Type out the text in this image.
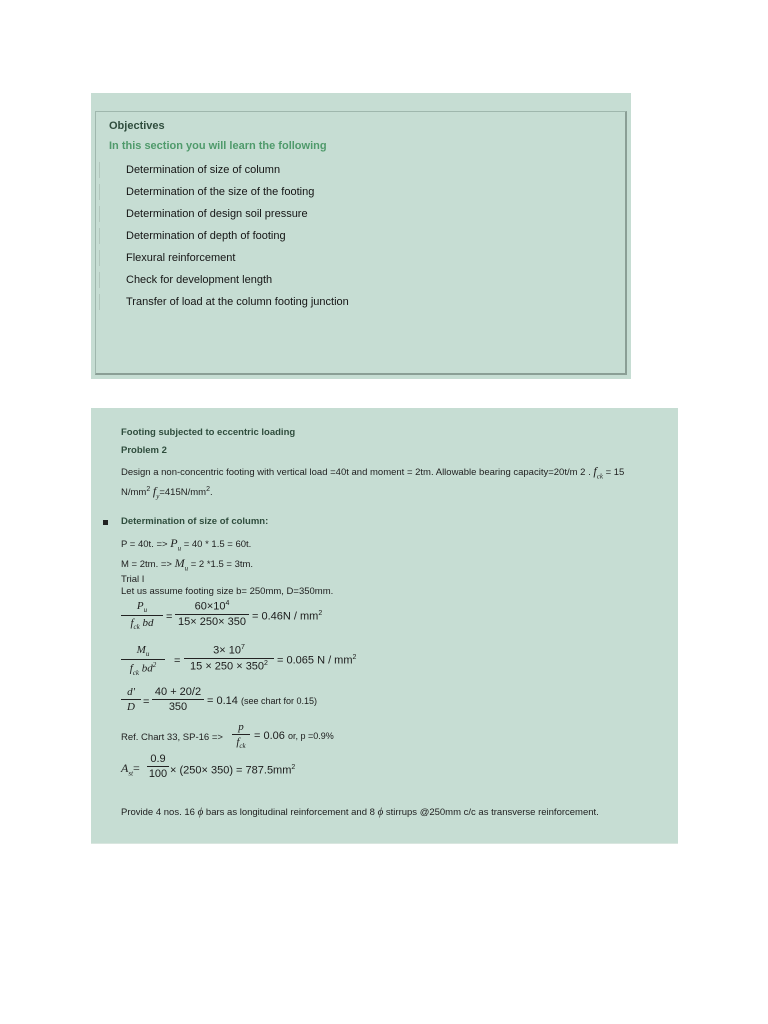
Objectives
In this section you will learn the following
Determination of size of column
Determination of the size of the footing
Determination of design soil pressure
Determination of depth of footing
Flexural reinforcement
Check for development length
Transfer of load at the column footing junction
Footing subjected to eccentric loading
Problem 2
Design a non-concentric footing with vertical load =40t and moment = 2tm. Allowable bearing capacity=20t/m 2 . $f_{ck} = 15$
$N/mm^2$ $f_y=415N/mm^2$.
Determination of size of column:
P = 40t. => $P_u = 40 * 1.5 = 60t$.
M = 2tm. => $M_u = 2$ *1.5 = 3tm.
Trial I
Let us assume footing size b= 250mm, D=350mm.
$P_u$
$f_{ck}$ bd
= $\frac{60\times 10^4}{15\times 250\times 350} = 0.46N / mm^2$
$M_u$
$f_{ck}$ $bd^2$	= $\frac{3\times 10^7}{15 \times 250 \times 350^2} = 0.065$ N / $mm^2$
$\frac{d'}{D} = \frac{40 + 20/2}{350} = 0.14$ (see chart for 0.15)
Ref. Chart 33, SP-16 =>
p
$f_{ck}$
= 0.06 or, p =0.9%
$A_{st}= \frac{0.9}{100} \times (250\times 350) = 787.5mm^2$
Provide 4 nos. 16 ϕ bars as longitudinal reinforcement and 8 ϕ stirrups @250mm c/c as transverse reinforcement.
